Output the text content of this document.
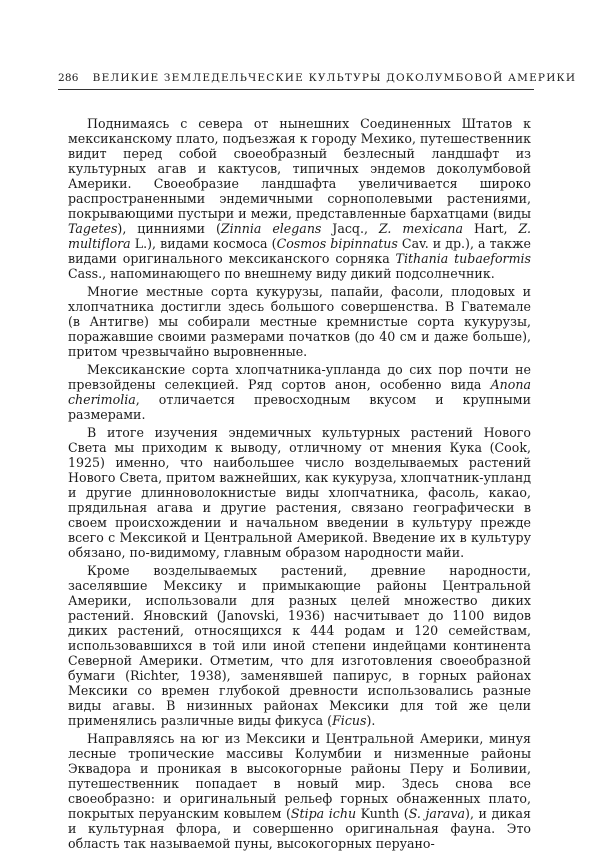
286 ВЕЛИКИЕ ЗЕМЛЕДЕЛЬЧЕСКИЕ КУЛЬТУРЫ ДОКОЛУМБОВОЙ АМЕРИКИ

Поднимаясь с севера от нынешних Соединенных Штатов к мексиканскому плато, подъезжая к городу Мехико, путешественник видит перед собой своеобразный безлесный ландшафт из культурных агав и кактусов, типичных эндемов доколумбовой Америки. Своеобразие ландшафта увеличивается широко распространенными эндемичными сорнополевыми растениями, покрывающими пустыри и межи, представленные бархатцами (виды Tagetes), цинниями (Zinnia elegans Jacq., Z. mexicana Hart, Z. multiflora L.), видами космоса (Cosmos bipinnatus Cav. и др.), а также видами оригинального мексиканского сорняка Tithania tubaeformis Cass., напоминающего по внешнему виду дикий подсолнечник.

Многие местные сорта кукурузы, папайи, фасоли, плодовых и хлопчатника достигли здесь большого совершенства. В Гватемале (в Антигве) мы собирали местные кремнистые сорта кукурузы, поражавшие своими размерами початков (до 40 см и даже больше), притом чрезвычайно выровненные.

Мексиканские сорта хлопчатника-упланда до сих пор почти не превзойдены селекцией. Ряд сортов анон, особенно вида Anona cherimolia, отличается превосходным вкусом и крупными размерами.

В итоге изучения эндемичных культурных растений Нового Света мы приходим к выводу, отличному от мнения Кука (Cook, 1925) именно, что наибольшее число возделываемых растений Нового Света, притом важнейших, как кукуруза, хлопчатник-упланд и другие длинноволокнистые виды хлопчатника, фасоль, какао, прядильная агава и другие растения, связано географически в своем происхождении и начальном введении в культуру прежде всего с Мексикой и Центральной Америкой. Введение их в культуру обязано, по-видимому, главным образом народности майи.

Кроме возделываемых растений, древние народности, заселявшие Мексику и примыкающие районы Центральной Америки, использовали для разных целей множество диких растений. Яновский (Janovski, 1936) насчитывает до 1100 видов диких растений, относящихся к 444 родам и 120 семействам, использовавшихся в той или иной степени индейцами континента Северной Америки. Отметим, что для изготовления своеобразной бумаги (Richter, 1938), заменявшей папирус, в горных районах Мексики со времен глубокой древности использовались разные виды агавы. В низинных районах Мексики для той же цели применялись различные виды фикуса (Ficus).

Направляясь на юг из Мексики и Центральной Америки, минуя лесные тропические массивы Колумбии и низменные районы Эквадора и проникая в высокогорные районы Перу и Боливии, путешественник попадает в новый мир. Здесь снова все своеобразно: и оригинальный рельеф горных обнаженных плато, покрытых перуанским ковылем (Stipa ichu Kunth (S. jarava), и дикая и культурная флора, и совершенно оригинальная фауна. Это область так называемой пуны, высокогорных перуано-
